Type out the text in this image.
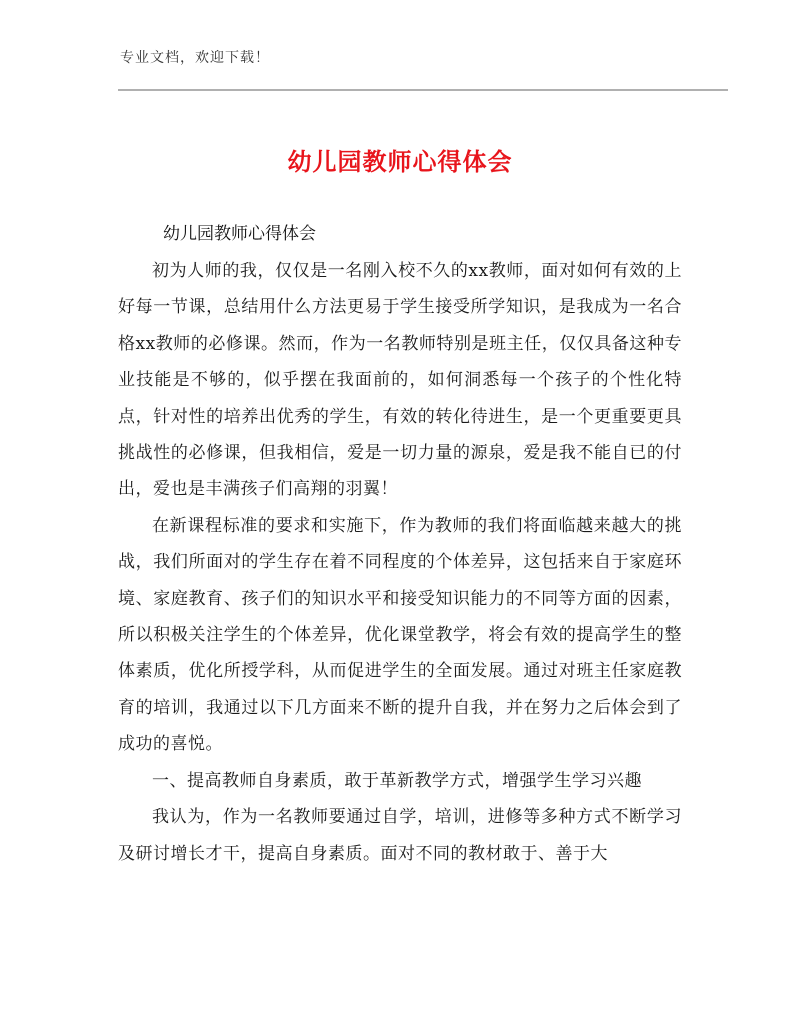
专业文档，欢迎下载！
幼儿园教师心得体会
幼儿园教师心得体会

初为人师的我，仅仅是一名刚入校不久的xx教师，面对如何有效的上好每一节课，总结用什么方法更易于学生接受所学知识，是我成为一名合格xx教师的必修课。然而，作为一名教师特别是班主任，仅仅具备这种专业技能是不够的，似乎摆在我面前的，如何洞悉每一个孩子的个性化特点，针对性的培养出优秀的学生，有效的转化待进生，是一个更重要更具挑战性的必修课，但我相信，爱是一切力量的源泉，爱是我不能自已的付出，爱也是丰满孩子们高翔的羽翼！

在新课程标准的要求和实施下，作为教师的我们将面临越来越大的挑战，我们所面对的学生存在着不同程度的个体差异，这包括来自于家庭环境、家庭教育、孩子们的知识水平和接受知识能力的不同等方面的因素，所以积极关注学生的个体差异，优化课堂教学，将会有效的提高学生的整体素质，优化所授学科，从而促进学生的全面发展。通过对班主任家庭教育的培训，我通过以下几方面来不断的提升自我，并在努力之后体会到了成功的喜悦。

一、提高教师自身素质，敢于革新教学方式，增强学生学习兴趣

我认为，作为一名教师要通过自学，培训，进修等多种方式不断学习及研讨增长才干，提高自身素质。面对不同的教材敢于、善于大
